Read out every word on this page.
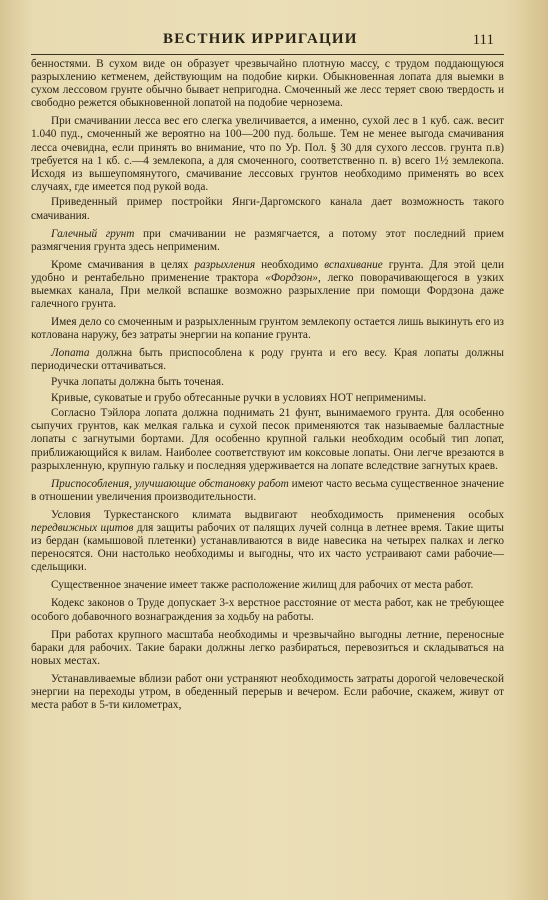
ВЕСТНИК ИРРИГАЦИИ	111

бенностями. В сухом виде он образует чрезвычайно плотную массу, с трудом поддающуюся разрыхлению кетменем, действующим на подобие кирки. Обыкновенная лопата для выемки в сухом лессовом грунте обычно бывает непригодна. Смоченный же лесс теряет свою твердость и свободно режется обыкновенной лопатой на подобие чернозема.

При смачивании лесса вес его слегка увеличивается, а именно, сухой лес в 1 куб. саж. весит 1.040 пуд., смоченный же вероятно на 100—200 пуд. больше. Тем не менее выгода смачивания лесса очевидна, если принять во внимание, что по Ур. Пол. § 30 для сухого лессов. грунта п.в) требуется на 1 кб. с.—4 землекопа, а для смоченного, соответственно п. в) всего 1½ землекопа. Исходя из вышеупомянутого, смачивание лессовых грунтов необходимо применять во всех случаях, где имеется под рукой вода.

Приведенный пример постройки Янги-Даргомского канала дает возможность такого смачивания.

Галечный грунт при смачивании не размягчается, а потому этот последний прием размягчения грунта здесь неприменим.

Кроме смачивания в целях разрыхления необходимо вспахивание грунта. Для этой цели удобно и рентабельно применение трактора «Фордзон», легко поворачивающегося в узких выемках канала, При мелкой вспашке возможно разрыхление при помощи Фордзона даже галечного грунта.

Имея дело со смоченным и разрыхленным грунтом землекопу остается лишь выкинуть его из котлована наружу, без затраты энергии на копание грунта.

Лопата должна быть приспособлена к роду грунта и его весу. Края лопаты должны периодически оттачиваться.

Ручка лопаты должна быть точеная.

Кривые, суковатые и грубо обтесанные ручки в условиях НОТ неприменимы.

Согласно Тэйлора лопата должна поднимать 21 фунт, вынимаемого грунта. Для особенно сыпучих грунтов, как мелкая галька и сухой песок применяются так называемые балластные лопаты с загнутыми бортами. Для особенно крупной гальки необходим особый тип лопат, приближающийся к вилам. Наиболее соответствуют им коксовые лопаты. Они легче врезаются в разрыхленную, крупную гальку и последняя удерживается на лопате вследствие загнутых краев.

Приспособления, улучшающие обстановку работ имеют часто весьма существенное значение в отношении увеличения производительности.

Условия Туркестанского климата выдвигают необходимость применения особых передвижных щитов для защиты рабочих от палящих лучей солнца в летнее время. Такие щиты из бердан (камышовой плетенки) устанавливаются в виде навесика на четырех палках и легко переносятся. Они настолько необходимы и выгодны, что их часто устраивают сами рабочие—сдельщики.

Существенное значение имеет также расположение жилищ для рабочих от места работ.

Кодекс законов о Труде допускает 3-х верстное расстояние от места работ, как не требующее особого добавочного вознаграждения за ходьбу на работы.

При работах крупного масштаба необходимы и чрезвычайно выгодны летние, переносные бараки для рабочих. Такие бараки должны легко разбираться, перевозиться и складываться на новых местах.

Устанавливаемые вблизи работ они устраняют необходимость затраты дорогой человеческой энергии на переходы утром, в обеденный перерыв и вечером. Если рабочие, скажем, живут от места работ в 5-ти километрах,
